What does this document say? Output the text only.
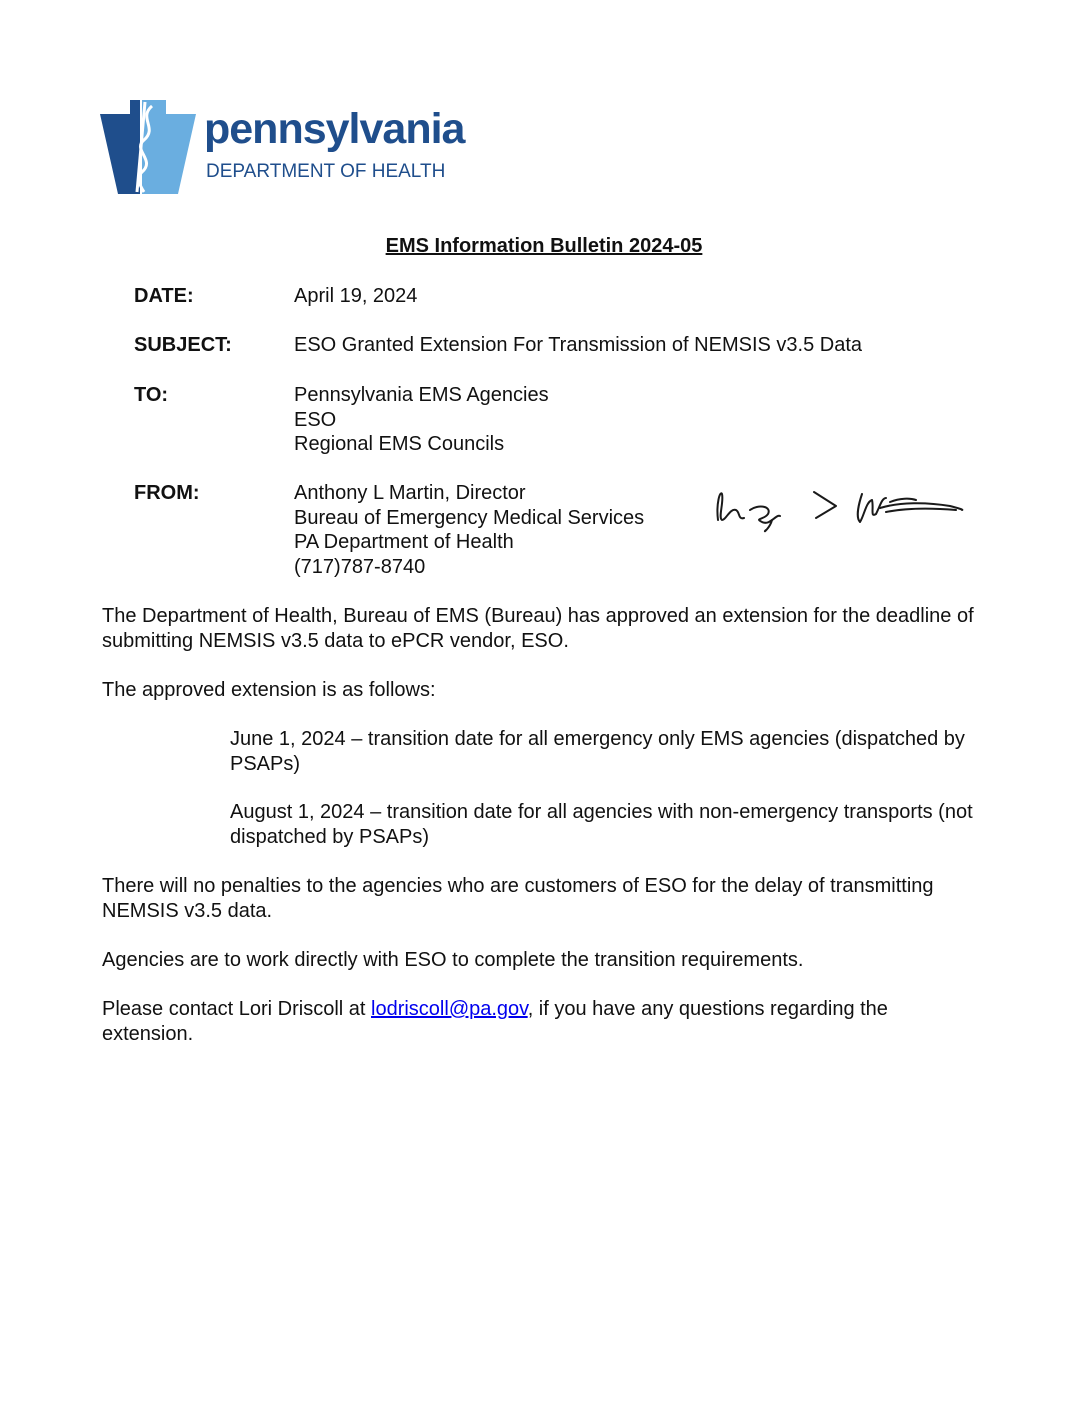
pennsylvania
DEPARTMENT OF HEALTH
EMS Information Bulletin 2024-05
DATE:	April 19, 2024
SUBJECT:	ESO Granted Extension For Transmission of NEMSIS v3.5 Data
TO:	Pennsylvania EMS Agencies
ESO
Regional EMS Councils
FROM:	Anthony L Martin, Director
Bureau of Emergency Medical Services
PA Department of Health
(717)787-8740
The Department of Health, Bureau of EMS (Bureau) has approved an extension for the deadline of submitting NEMSIS v3.5 data to ePCR vendor, ESO.
The approved extension is as follows:
June 1, 2024 – transition date for all emergency only EMS agencies (dispatched by PSAPs)
August 1, 2024 – transition date for all agencies with non-emergency transports (not dispatched by PSAPs)
There will no penalties to the agencies who are customers of ESO for the delay of transmitting NEMSIS v3.5 data.
Agencies are to work directly with ESO to complete the transition requirements.
Please contact Lori Driscoll at lodriscoll@pa.gov, if you have any questions regarding the extension.
